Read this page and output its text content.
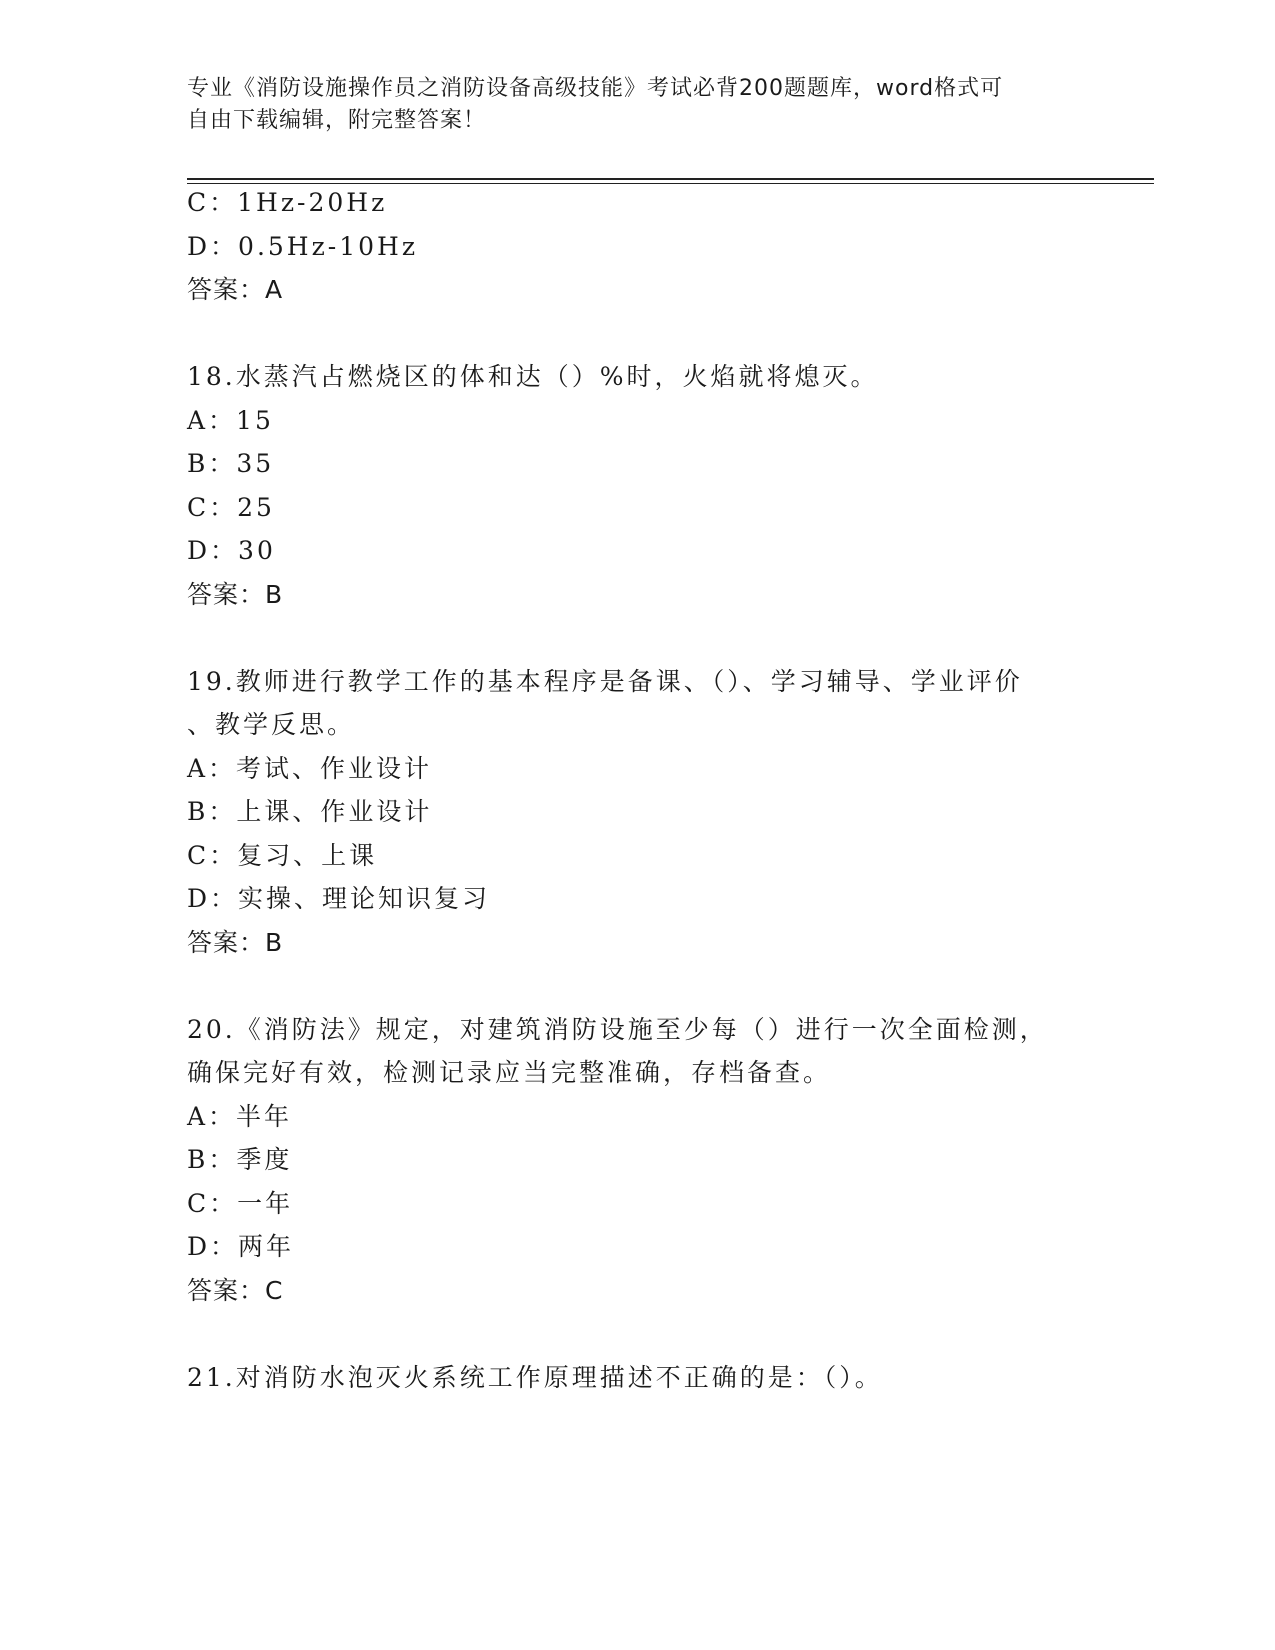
专业《消防设施操作员之消防设备高级技能》考试必背200题题库，word格式可
自由下载编辑，附完整答案！
C：1Hz-20Hz
D：0.5Hz-10Hz
答案：A
18.水蒸汽占燃烧区的体和达（）%时，火焰就将熄灭。
A：15
B：35
C：25
D：30
答案：B
19.教师进行教学工作的基本程序是备课、（）、学习辅导、学业评价
、教学反思。
A：考试、作业设计
B：上课、作业设计
C：复习、上课
D：实操、理论知识复习
答案：B
20.《消防法》规定，对建筑消防设施至少每（）进行一次全面检测，
确保完好有效，检测记录应当完整准确，存档备查。
A：半年
B：季度
C：一年
D：两年
答案：C
21.对消防水泡灭火系统工作原理描述不正确的是：（）。
